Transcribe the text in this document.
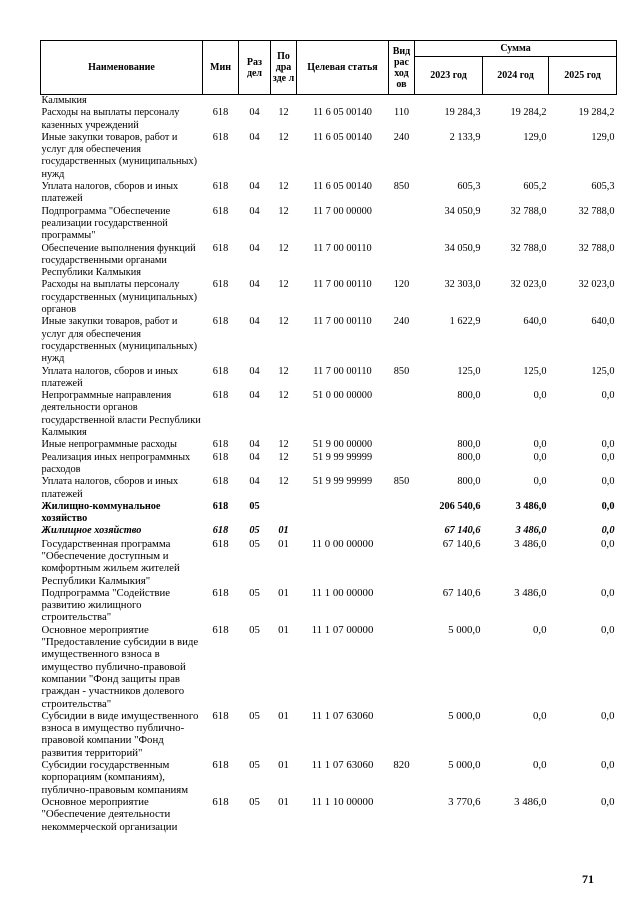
Наименование	Мин	Раз дел	По дра зде л	Целевая статья	Вид рас ход ов	Сумма		
						2023 год	2024 год	2025 год
Калмыкия								
Расходы на выплаты персоналу казенных учреждений	618	04	12	11 6 05 00140	110	19 284,3	19 284,2	19 284,2
Иные закупки товаров, работ и услуг для обеспечения государственных (муниципальных) нужд	618	04	12	11 6 05 00140	240	2 133,9	129,0	129,0
Уплата налогов, сборов и иных платежей	618	04	12	11 6 05 00140	850	605,3	605,2	605,3
Подпрограмма "Обеспечение реализации государственной программы"	618	04	12	11 7 00 00000		34 050,9	32 788,0	32 788,0
Обеспечение выполнения функций государственными органами Республики Калмыкия	618	04	12	11 7 00 00110		34 050,9	32 788,0	32 788,0
Расходы на выплаты персоналу государственных (муниципальных) органов	618	04	12	11 7 00 00110	120	32 303,0	32 023,0	32 023,0
Иные закупки товаров, работ и услуг для обеспечения государственных (муниципальных) нужд	618	04	12	11 7 00 00110	240	1 622,9	640,0	640,0
Уплата налогов, сборов и иных платежей	618	04	12	11 7 00 00110	850	125,0	125,0	125,0
Непрограммные направления деятельности органов государственной власти Республики Калмыкия	618	04	12	51 0 00 00000		800,0	0,0	0,0
Иные непрограммные расходы	618	04	12	51 9 00 00000		800,0	0,0	0,0
Реализация иных непрограммных расходов	618	04	12	51 9 99 99999		800,0	0,0	0,0
Уплата налогов, сборов и иных платежей	618	04	12	51 9 99 99999	850	800,0	0,0	0,0
Жилищно-коммунальное хозяйство	618	05				206 540,6	3 486,0	0,0
Жилищное хозяйство	618	05	01			67 140,6	3 486,0	0,0
Государственная программа "Обеспечение доступным и комфортным жильем жителей Республики Калмыкия"	618	05	01	11 0 00 00000		67 140,6	3 486,0	0,0
Подпрограмма "Содействие развитию жилищного строительства"	618	05	01	11 1 00 00000		67 140,6	3 486,0	0,0
Основное мероприятие "Предоставление субсидии в виде имущественного взноса в имущество публично-правовой компании "Фонд защиты прав граждан - участников долевого строительства"	618	05	01	11 1 07 00000		5 000,0	0,0	0,0
Субсидии в виде имущественного взноса в имущество публично-правовой компании "Фонд развития территорий"	618	05	01	11 1 07 63060		5 000,0	0,0	0,0
Субсидии государственным корпорациям (компаниям), публично-правовым компаниям	618	05	01	11 1 07 63060	820	5 000,0	0,0	0,0
Основное мероприятие "Обеспечение деятельности некоммерческой организации	618	05	01	11 1 10 00000		3 770,6	3 486,0	0,0
71
